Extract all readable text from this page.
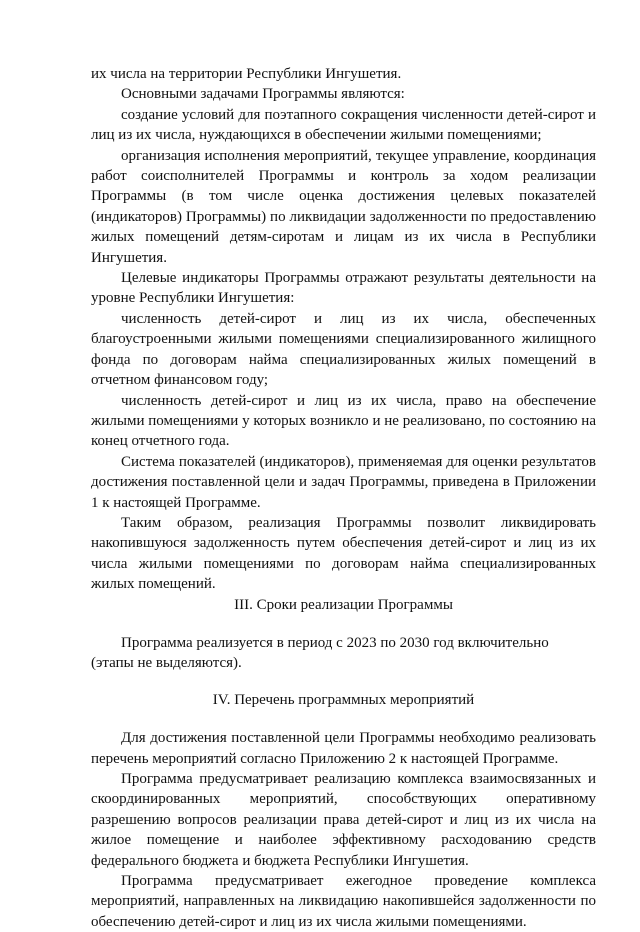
их числа на территории Республики Ингушетия.

Основными задачами Программы являются:

создание условий для поэтапного сокращения численности детей-сирот и лиц из их числа, нуждающихся в обеспечении жилыми помещениями;

организация исполнения мероприятий, текущее управление, координация работ соисполнителей Программы и контроль за ходом реализации Программы (в том числе оценка достижения целевых показателей (индикаторов) Программы) по ликвидации задолженности по предоставлению жилых помещений детям-сиротам и лицам из их числа в Республики Ингушетия.

Целевые индикаторы Программы отражают результаты деятельности на уровне Республики Ингушетия:

численность детей-сирот и лиц из их числа, обеспеченных благоустроенными жилыми помещениями специализированного жилищного фонда по договорам найма специализированных жилых помещений в отчетном финансовом году;

численность детей-сирот и лиц из их числа, право на обеспечение жилыми помещениями у которых возникло и не реализовано, по состоянию на конец отчетного года.

Система показателей (индикаторов), применяемая для оценки результатов достижения поставленной цели и задач Программы, приведена в Приложении 1 к настоящей Программе.

Таким образом, реализация Программы позволит ликвидировать накопившуюся задолженность путем обеспечения детей-сирот и лиц из их числа жилыми помещениями по договорам найма специализированных жилых помещений.

III. Сроки реализации Программы

Программа реализуется в период с 2023 по 2030 год включительно

(этапы не выделяются).

IV. Перечень программных мероприятий

Для достижения поставленной цели Программы необходимо реализовать перечень мероприятий согласно Приложению 2 к настоящей Программе.

Программа предусматривает реализацию комплекса взаимосвязанных и скоординированных мероприятий, способствующих оперативному разрешению вопросов реализации права детей-сирот и лиц из их числа на жилое помещение и наиболее эффективному расходованию средств федерального бюджета и бюджета Республики Ингушетия.

Программа предусматривает ежегодное проведение комплекса мероприятий, направленных на ликвидацию накопившейся задолженности по обеспечению детей-сирот и лиц из их числа жилыми помещениями.
